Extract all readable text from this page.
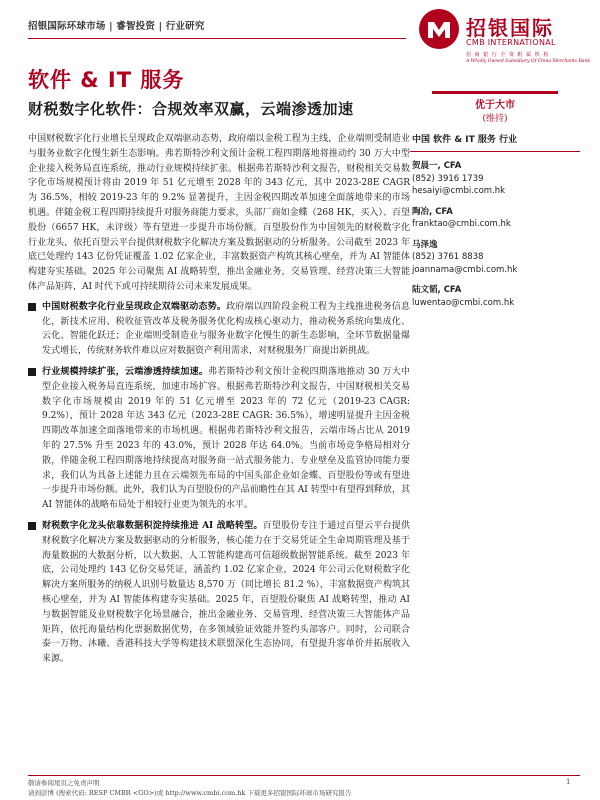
招银国际环球市场 | 睿智投资 | 行业研究	招银国际
CMB INTERNATIONAL
招 商 银 行 全 资 附 属 机 构
A Wholly Owned Subsidiary Of China Merchants Bank
软件 & IT 服务
财税数字化软件：合规效率双赢，云端渗透加速	优于大市
(维持)

中国财税数字化行业增长呈现政企双端驱动态势，政府端以金税工程为主线，企业端则受制造业与服务业数字化慢生新生态影响。弗若斯特沙利文预计金税工程四期落地将推动约 30 万大中型企业接入税务局直连系统，推动行业规模持续扩张。根据弗若斯特沙利文报告，财税相关交易数字化市场规模预计将由 2019 年 51 亿元增至 2028 年的 343 亿元，其中 2023-28E CAGR 为 36.5%，相较 2019-23 年的 9.2% 显著提升，主因金税四期改革加速全面落地带来的市场机遇。伴随金税工程四期持续提升对服务商能力要求，头部厂商如金蝶（268 HK，买入）、百望股份（6657 HK，未评级）等有望进一步提升市场份额。百望股份作为中国领先的财税数字化行业龙头，依托百望云平台提供财税数字化解决方案及数据驱动的分析服务。公司截至 2023 年底已处理约 143 亿份凭证覆盖 1.02 亿家企业，丰富数据资产构筑其核心壁垒，并为 AI 智能体构建夯实基础。2025 年公司聚焦 AI 战略转型，推出金融业务，交易管理、经营决策三大智能体产品矩阵，AI 时代下或可持续期待公司未来发展成果。

中国财税数字化行业呈现政企双端驱动态势。政府端以四阶段金税工程为主线推进税务信息化，新技术应用、税收征管改革及税务服务优化构成核心驱动力，推动税务系统向集成化、云化、智能化跃迁；企业端则受制造业与服务业数字化慢生的新生态影响，全环节数据量爆发式增长，传统财务软件难以应对数据资产利用需求，对财税服务厂商提出新挑战。
行业规模持续扩张，云端渗透持续加速。弗若斯特沙利文预计金税四期落地推动 30 万大中型企业接入税务局直连系统，加速市场扩容。根据弗若斯特沙利文报告，中国财税相关交易数字化市场规模由 2019 年的 51 亿元增至 2023 年的 72 亿元（2019-23 CAGR: 9.2%），预计 2028 年达 343 亿元（2023-28E CAGR: 36.5%），增速明显提升主因金税四期改革加速全面落地带来的市场机遇。根据弗若斯特沙利文报告，云端市场占比从 2019 年的 27.5% 升至 2023 年的 43.0%，预计 2028 年达 64.0%。当前市场竞争格局相对分散，伴随金税工程四期落地持续提高对服务商一站式服务能力、专业壁垒及监管协同能力要求，我们认为具备上述能力且在云端领先布局的中国头部企业如金蝶、百望股份等或有望进一步提升市场份额。此外，我们认为百望股份的产品前瞻性在其 AI 转型中有望得到释放，其 AI 智能体的战略布局处于相较行业更为领先的水平。
财税数字化龙头依靠数据积淀持续推进 AI 战略转型。百望股份专注于通过百望云平台提供财税数字化解决方案及数据驱动的分析服务，核心能力在于交易凭证全生命周期管理及基于海量数据的大数据分析，以大数据、人工智能构建高可信超级数据智能系统。截至 2023 年底，公司处理约 143 亿份交易凭证，涵盖约 1.02 亿家企业，2024 年公司云化财税数字化解决方案所服务的纳税人识别号数量达 8,570 万（同比增长 81.2 %），丰富数据资产构筑其核心壁垒，并为 AI 智能体构建夯实基础。2025 年，百望股份聚焦 AI 战略转型，推动 AI 与数据智能及业财税数字化场景融合，推出金融业务、交易管理、经营决策三大智能体产品矩阵，依托海量结构化票据数据优势，在多领域验证效能并签约头部客户。同时，公司联合泰一万物、沐曦、香港科技大学等构建技术联盟深化生态协同，有望提升客单价并拓展收入来源。
中国 软件 & IT 服务 行业
贺晨一, CFA
(852) 3916 1739
hesaiyi@cmbi.com.hk
陶冶, CFA
franktao@cmbi.com.hk
马泽逸
(852) 3761 8838
joannama@cmbi.com.hk
陆文韬, CFA
luwentao@cmbi.com.hk
敬请参阅尾页之免责声明
请到彭博 (搜索代码: RESP CMBR <GO>)或 http://www.cmbi.com.hk 下载更多招银国际环球市场研究报告
1
